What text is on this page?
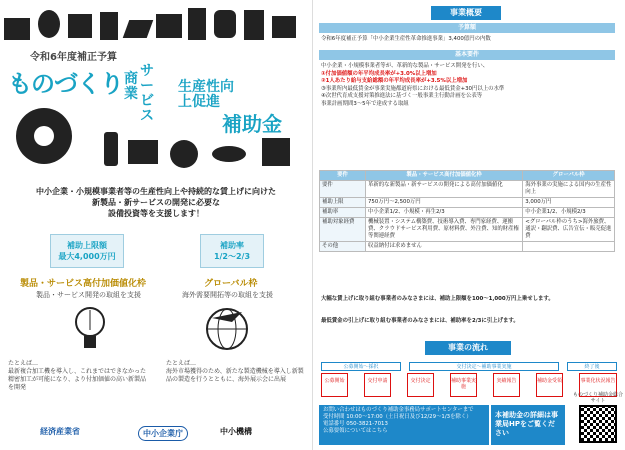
令和6年度補正予算
ものづくり サービス
商業	生産性向上促進
補助金
中小企業・小規模事業者等の生産性向上や持続的な賃上げに向けた
新製品・新サービスの開発に必要な
設備投資等を支援します！
補助上限額
最大4,000万円
補助率
1/2～2/3
製品・サービス高付加価値化枠
製品・サービス開発の取組を支援
グローバル枠
海外需要開拓等の取組を支援
たとえば…
最新複合加工機を導入し、これまではできなかった精密加工が可能になり、より付加価値の高い新製品を開発
たとえば…
海外市場獲得のため、新たな製造機械を導入し新製品の製造を行うとともに、海外展示会に出展
経済産業省	中小企業庁	中小機構
事業概要
予算額
令和6年度補正予算「中小企業生産性革命推進事業」3,400億円の内数
基本要件
中小企業・小規模事業者等が、革新的な製品・サービス開発を行い、
①付加価値額の年平均成長率が+3.0%以上増加
②1人あたり給与支給総額の年平均成長率が+3.5%以上増加
③事業所内最低賃金が事業実施都道府県における最低賃金+30円以上の水準
④次世代育成支援対策推進法に基づく一般事業主行動計画を公表等
事業計画期間3～5年で達成する取組
要件	製品・サービス高付加価値化枠	グローバル枠
要件	革新的な新製品・新サービスの開発による高付加価値化	海外事業の実施による国内の生産性向上
補助上限	750万円～2,500万円	3,000万円
補助率	中小企業1/2、小規模・再生2/3	中小企業1/2、小規模2/3
補助対象経費	機械装置・システム構築費、技術導入費、専門家経費、運搬費、クラウドサービス利用費、原材料費、外注費、知的財産権等関連経費	<グローバル枠のうち>海外旅費、通訳・翻訳費、広告宣伝・販売促進費
その他	収益納付は求めません	
大幅な賃上げに取り組む事業者のみなさまには、補助上限額を100～1,000万円上乗せします。
最低賃金の引上げに取り組む事業者のみなさまには、補助率を2/3に引上げます。
事業の流れ
公募開始～採択	交付決定～補助事業実施	終了後
公募開始	交付申請	交付決定	補助事業実施
実績報告	補助金受領	事業化状況報告
お問い合わせはものづくり補助金事務局サポートセンターまで
受付時間 10:00～17:00（土日祝日及び12/29～1/3を除く）
電話番号 050-3821-7013
公募要領についてはこちら
本補助金の詳細は事業局HPをご覧ください
ものづくり補助金総合サイト
